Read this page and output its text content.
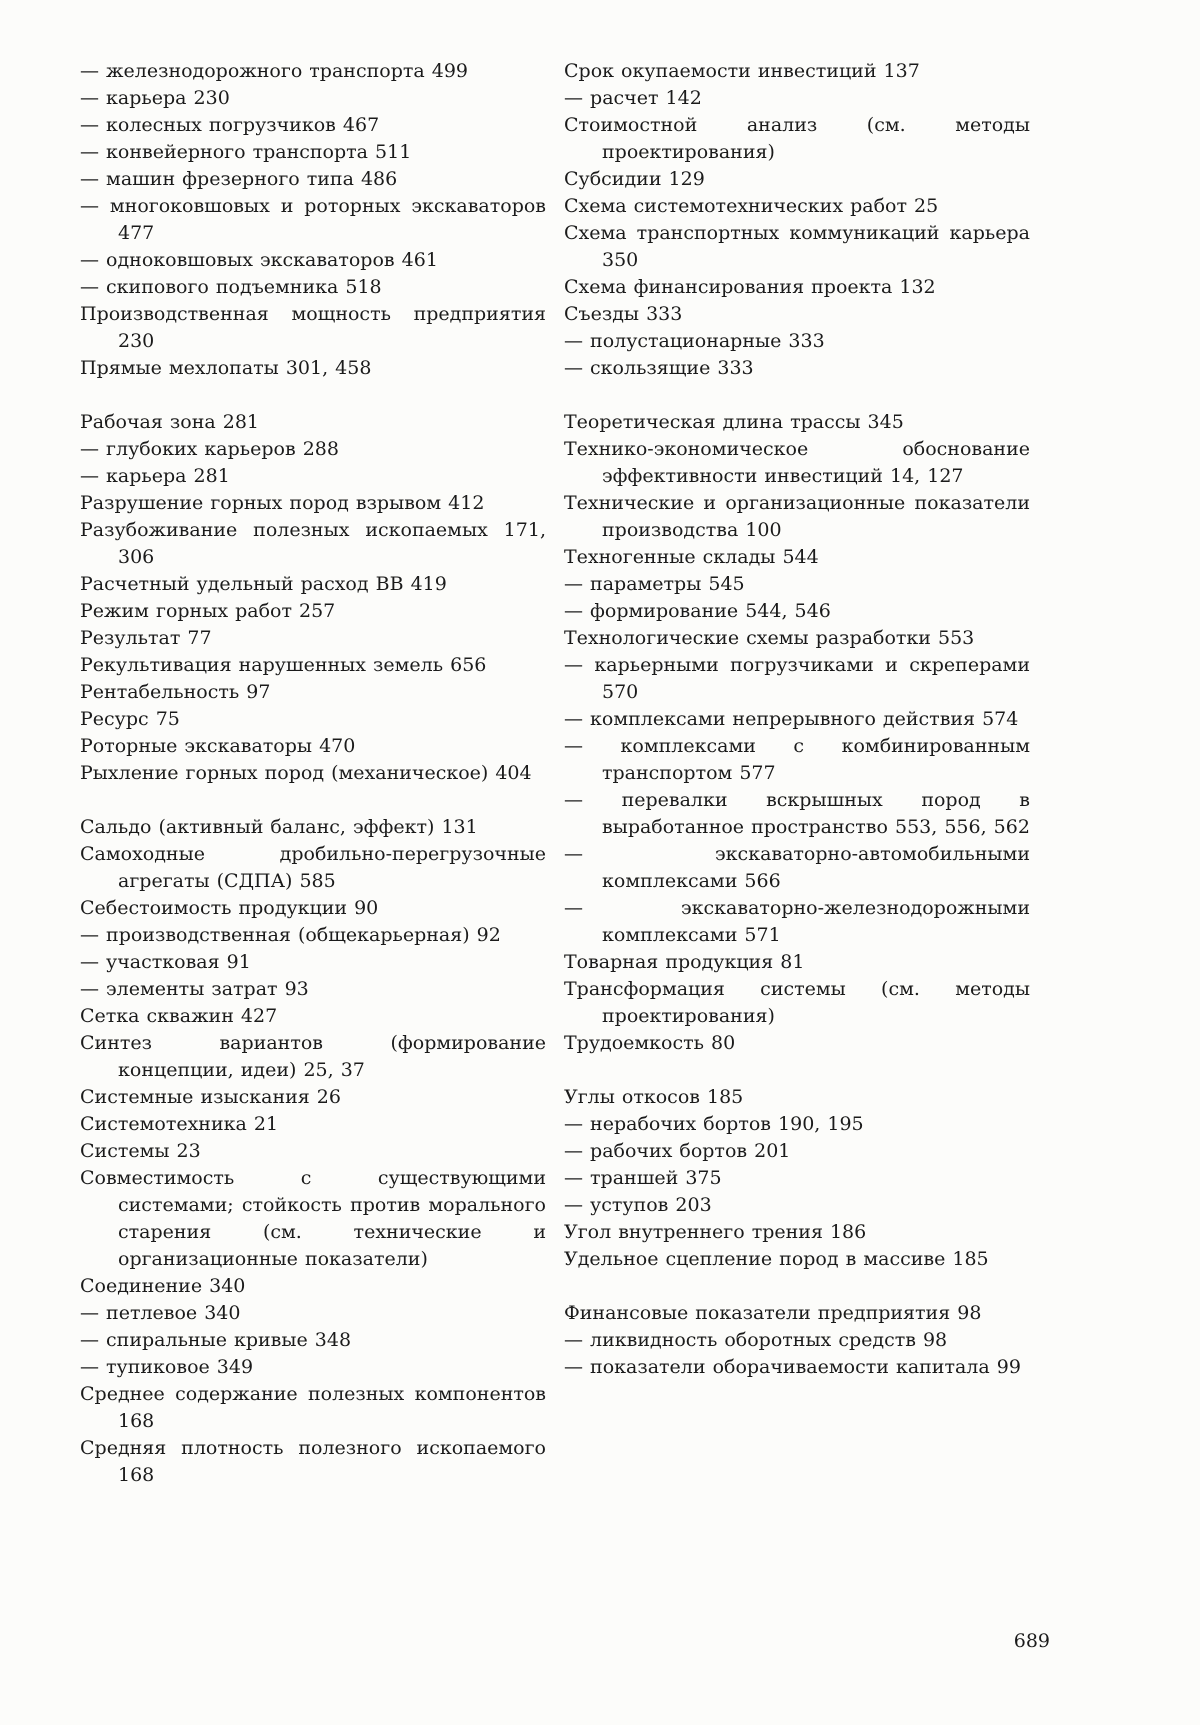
— железнодорожного транспорта 499

— карьера 230

— колесных погрузчиков 467

— конвейерного транспорта 511

— машин фрезерного типа 486

— многоковшовых и роторных экскаваторов 477

— одноковшовых экскаваторов 461

— скипового подъемника 518

Производственная мощность предприятия 230

Прямые мехлопаты 301, 458

Рабочая зона 281

— глубоких карьеров 288

— карьера 281

Разрушение горных пород взрывом 412

Разубоживание полезных ископаемых 171, 306

Расчетный удельный расход ВВ 419

Режим горных работ 257

Результат 77

Рекультивация нарушенных земель 656

Рентабельность 97

Ресурс 75

Роторные экскаваторы 470

Рыхление горных пород (механическое) 404

Сальдо (активный баланс, эффект) 131

Самоходные дробильно-перегрузочные агрегаты (СДПА) 585

Себестоимость продукции 90

— производственная (общекарьерная) 92

— участковая 91

— элементы затрат 93

Сетка скважин 427

Синтез вариантов (формирование концепции, идеи) 25, 37

Системные изыскания 26

Системотехника 21

Системы 23

Совместимость с существующими системами; стойкость против морального старения (см. технические и организационные показатели)

Соединение 340

— петлевое 340

— спиральные кривые 348

— тупиковое 349

Среднее содержание полезных компонентов 168

Средняя плотность полезного ископаемого 168

Срок окупаемости инвестиций 137

— расчет 142

Стоимостной анализ (см. методы проектирования)

Субсидии 129

Схема системотехнических работ 25

Схема транспортных коммуникаций карьера 350

Схема финансирования проекта 132

Съезды 333

— полустационарные 333

— скользящие 333

Теоретическая длина трассы 345

Технико-экономическое обоснование эффективности инвестиций 14, 127

Технические и организационные показатели производства 100

Техногенные склады 544

— параметры 545

— формирование 544, 546

Технологические схемы разработки 553

— карьерными погрузчиками и скреперами 570

— комплексами непрерывного действия 574

— комплексами с комбинированным транспортом 577

— перевалки вскрышных пород в выработанное пространство 553, 556, 562

— экскаваторно-автомобильными комплексами 566

— экскаваторно-железнодорожными комплексами 571

Товарная продукция 81

Трансформация системы (см. методы проектирования)

Трудоемкость 80

Углы откосов 185

— нерабочих бортов 190, 195

— рабочих бортов 201

— траншей 375

— уступов 203

Угол внутреннего трения 186

Удельное сцепление пород в массиве 185

Финансовые показатели предприятия 98

— ликвидность оборотных средств 98

— показатели оборачиваемости капитала 99

689
